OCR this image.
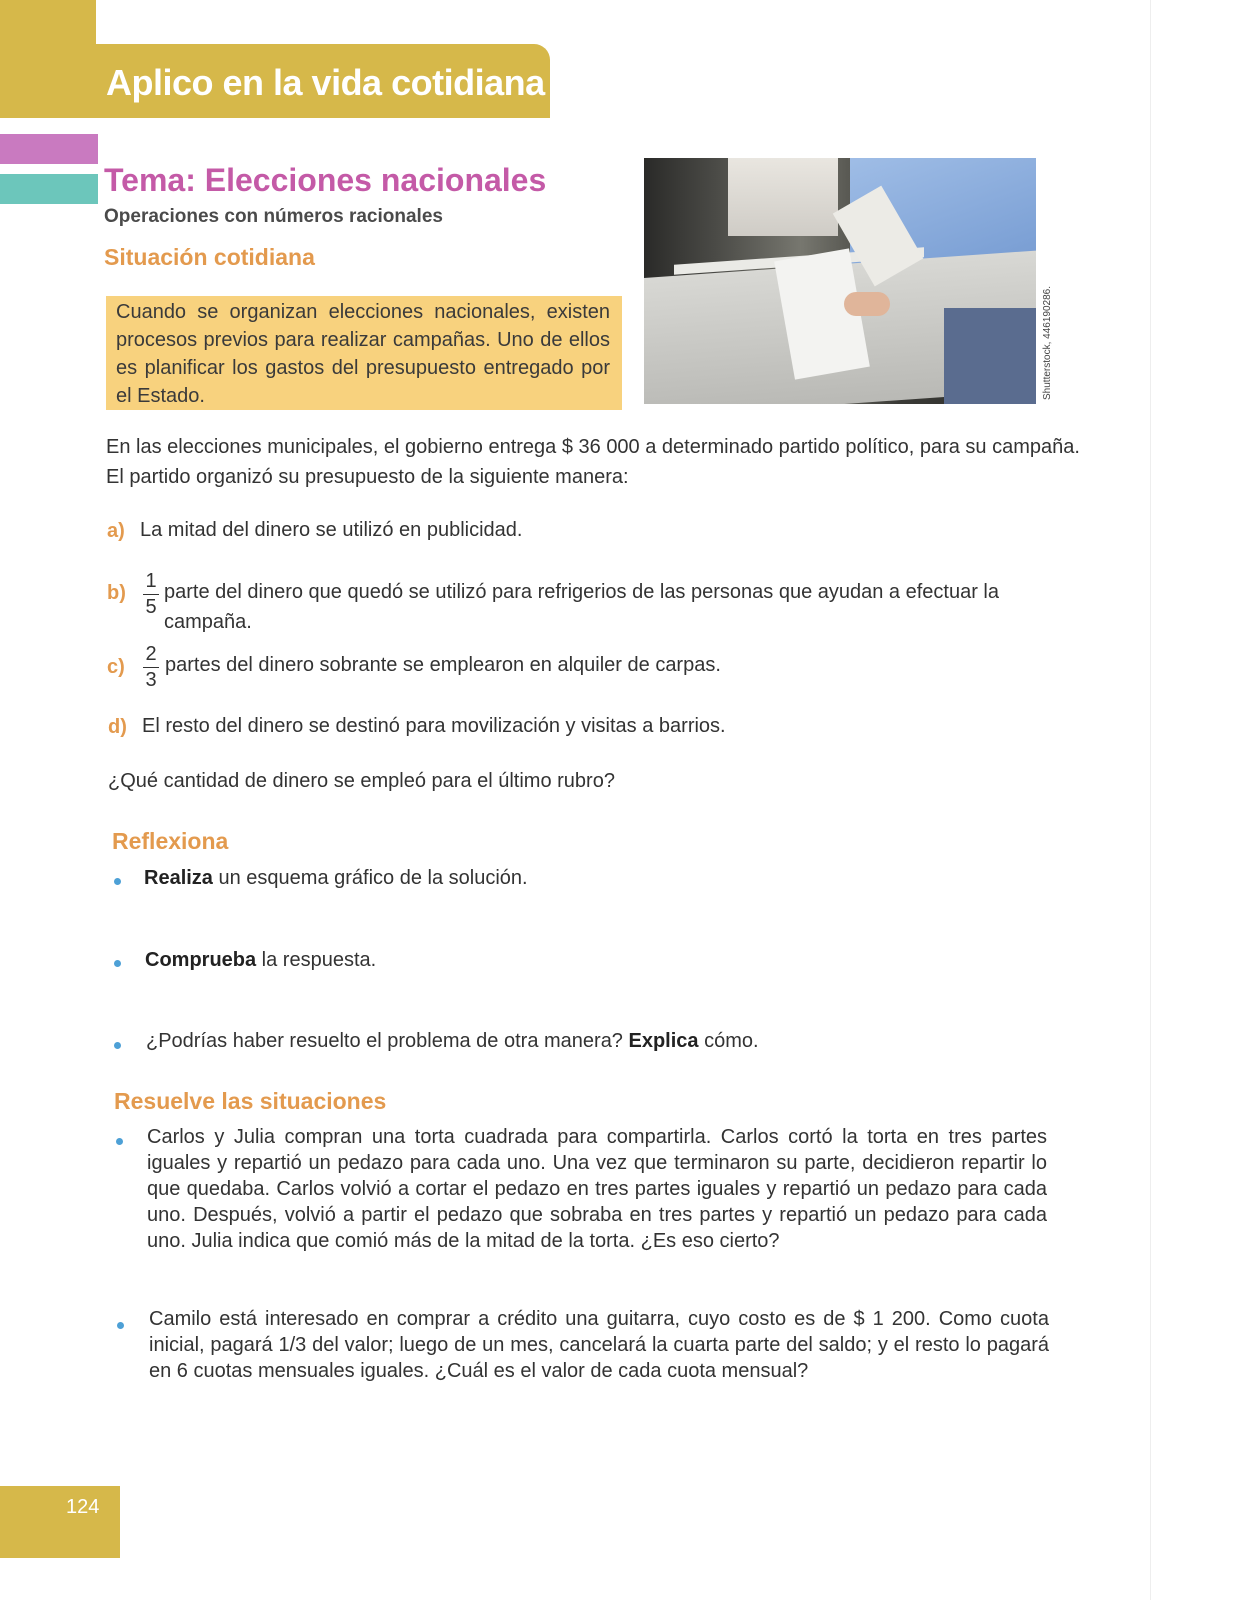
Aplico en la vida cotidiana
Tema: Elecciones nacionales

Operaciones con números racionales

Situación cotidiana
Cuando se organizan elecciones nacionales, existen procesos previos para realizar campañas. Uno de ellos es planificar los gastos del presupuesto entregado por el Estado.	Shutterstock, 446190286.

En las elecciones municipales, el gobierno entrega $ 36 000 a determinado partido político, para su campaña. El partido organizó su presupuesto de la siguiente manera:

a) La mitad del dinero se utilizó en publicidad.

b)
1
5

parte del dinero que quedó se utilizó para refrigerios de las personas que ayudan a efectuar la campaña.

c)
2
3

partes del dinero sobrante se emplearon en alquiler de carpas.

d) El resto del dinero se destinó para movilización y visitas a barrios.

¿Qué cantidad de dinero se empleó para el último rubro?

Reflexiona

Realiza un esquema gráfico de la solución.

Comprueba la respuesta.

¿Podrías haber resuelto el problema de otra manera? Explica cómo.

Resuelve las situaciones

Carlos y Julia compran una torta cuadrada para compartirla. Carlos cortó la torta en tres partes iguales y repartió un pedazo para cada uno. Una vez que terminaron su parte, decidieron repartir lo que quedaba. Carlos volvió a cortar el pedazo en tres partes iguales y repartió un pedazo para cada uno. Después, volvió a partir el pedazo que sobraba en tres partes y repartió un pedazo para cada uno. Julia indica que comió más de la mitad de la torta. ¿Es eso cierto?

Camilo está interesado en comprar a crédito una guitarra, cuyo costo es de $ 1 200. Como cuota inicial, pagará 1/3 del valor; luego de un mes, cancelará la cuarta parte del saldo; y el resto lo pagará en 6 cuotas mensuales iguales. ¿Cuál es el valor de cada cuota mensual?

124
